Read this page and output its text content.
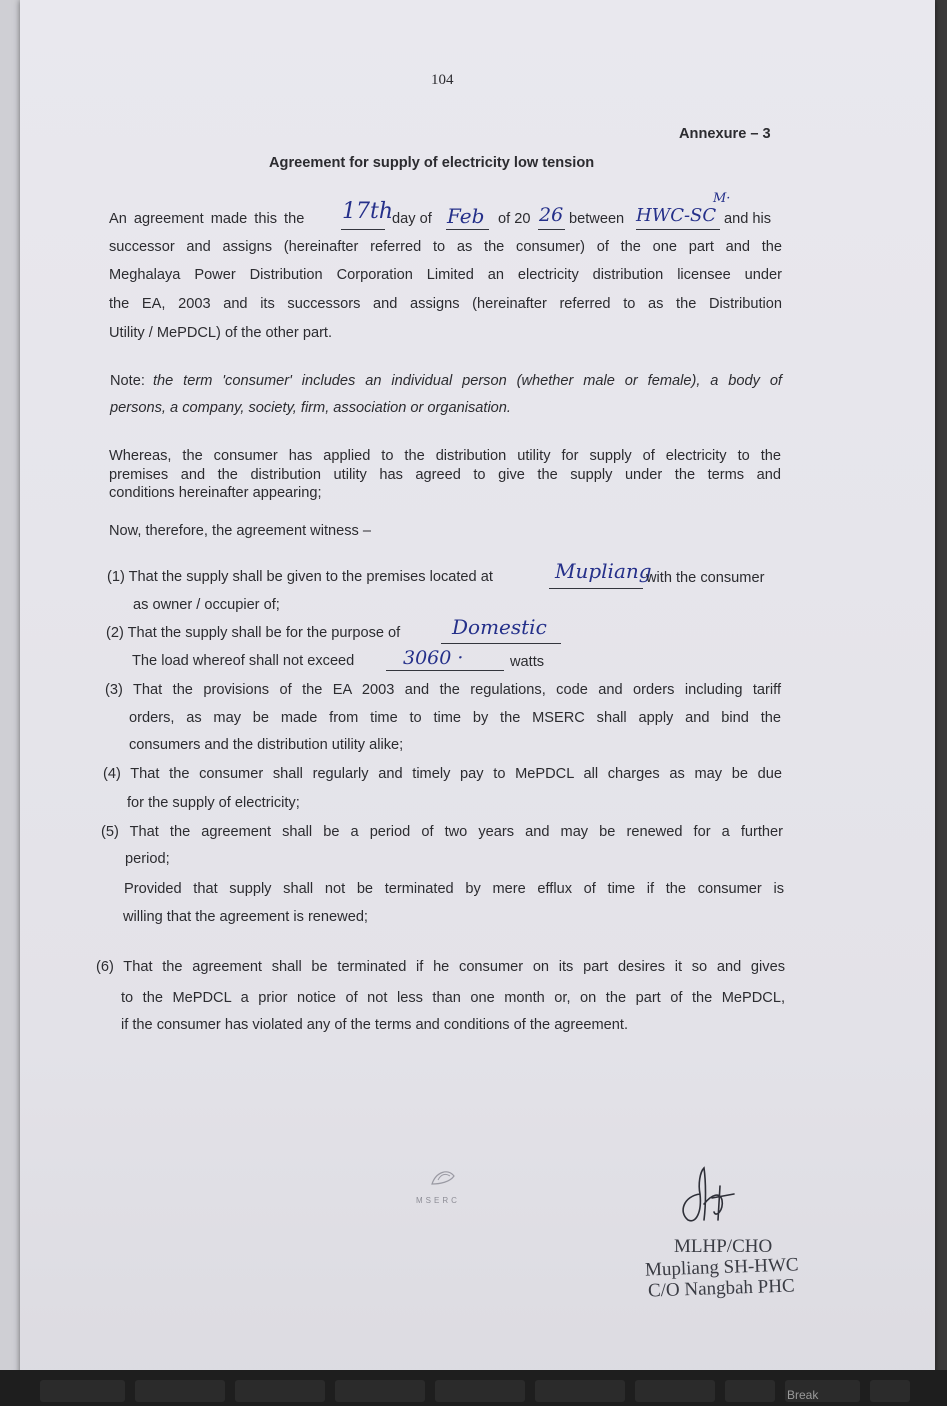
104
Annexure – 3
Agreement for supply of electricity low tension
An agreement made this the 17th
day of Feb of 20 26 between HWC-SC
M·
and his
successor and assigns (hereinafter referred to as the consumer) of the one part and the
Meghalaya Power Distribution Corporation Limited an electricity distribution licensee under
the EA, 2003 and its successors and assigns (hereinafter referred to as the Distribution
Utility / MePDCL) of the other part.
Note: the term 'consumer' includes an individual person (whether male or female), a body of
persons, a company, society, firm, association or organisation.
Whereas, the consumer has applied to the distribution utility for supply of electricity to the
premises and the distribution utility has agreed to give the supply under the terms and
conditions hereinafter appearing;
Now, therefore, the agreement witness –
(1) That the supply shall be given to the premises located at	Mupliang
with the consumer
as owner / occupier of;
(2) That the supply shall be for the purpose of	Domestic
The load whereof shall not exceed	3060 ·	watts
(3) That the provisions of the EA 2003 and the regulations, code and orders including tariff
orders, as may be made from time to time by the MSERC shall apply and bind the
consumers and the distribution utility alike;
(4) That the consumer shall regularly and timely pay to MePDCL all charges as may be due
for the supply of electricity;
(5) That the agreement shall be a period of two years and may be renewed for a further
period;
Provided that supply shall not be terminated by mere efflux of time if the consumer is
willing that the agreement is renewed;
(6) That the agreement shall be terminated if he consumer on its part desires it so and gives
to the MePDCL a prior notice of not less than one month or, on the part of the MePDCL,
if the consumer has violated any of the terms and conditions of the agreement.
MSERC
MLHP/CHO
Mupliang SH-HWC
C/O Nangbah PHC
Break
